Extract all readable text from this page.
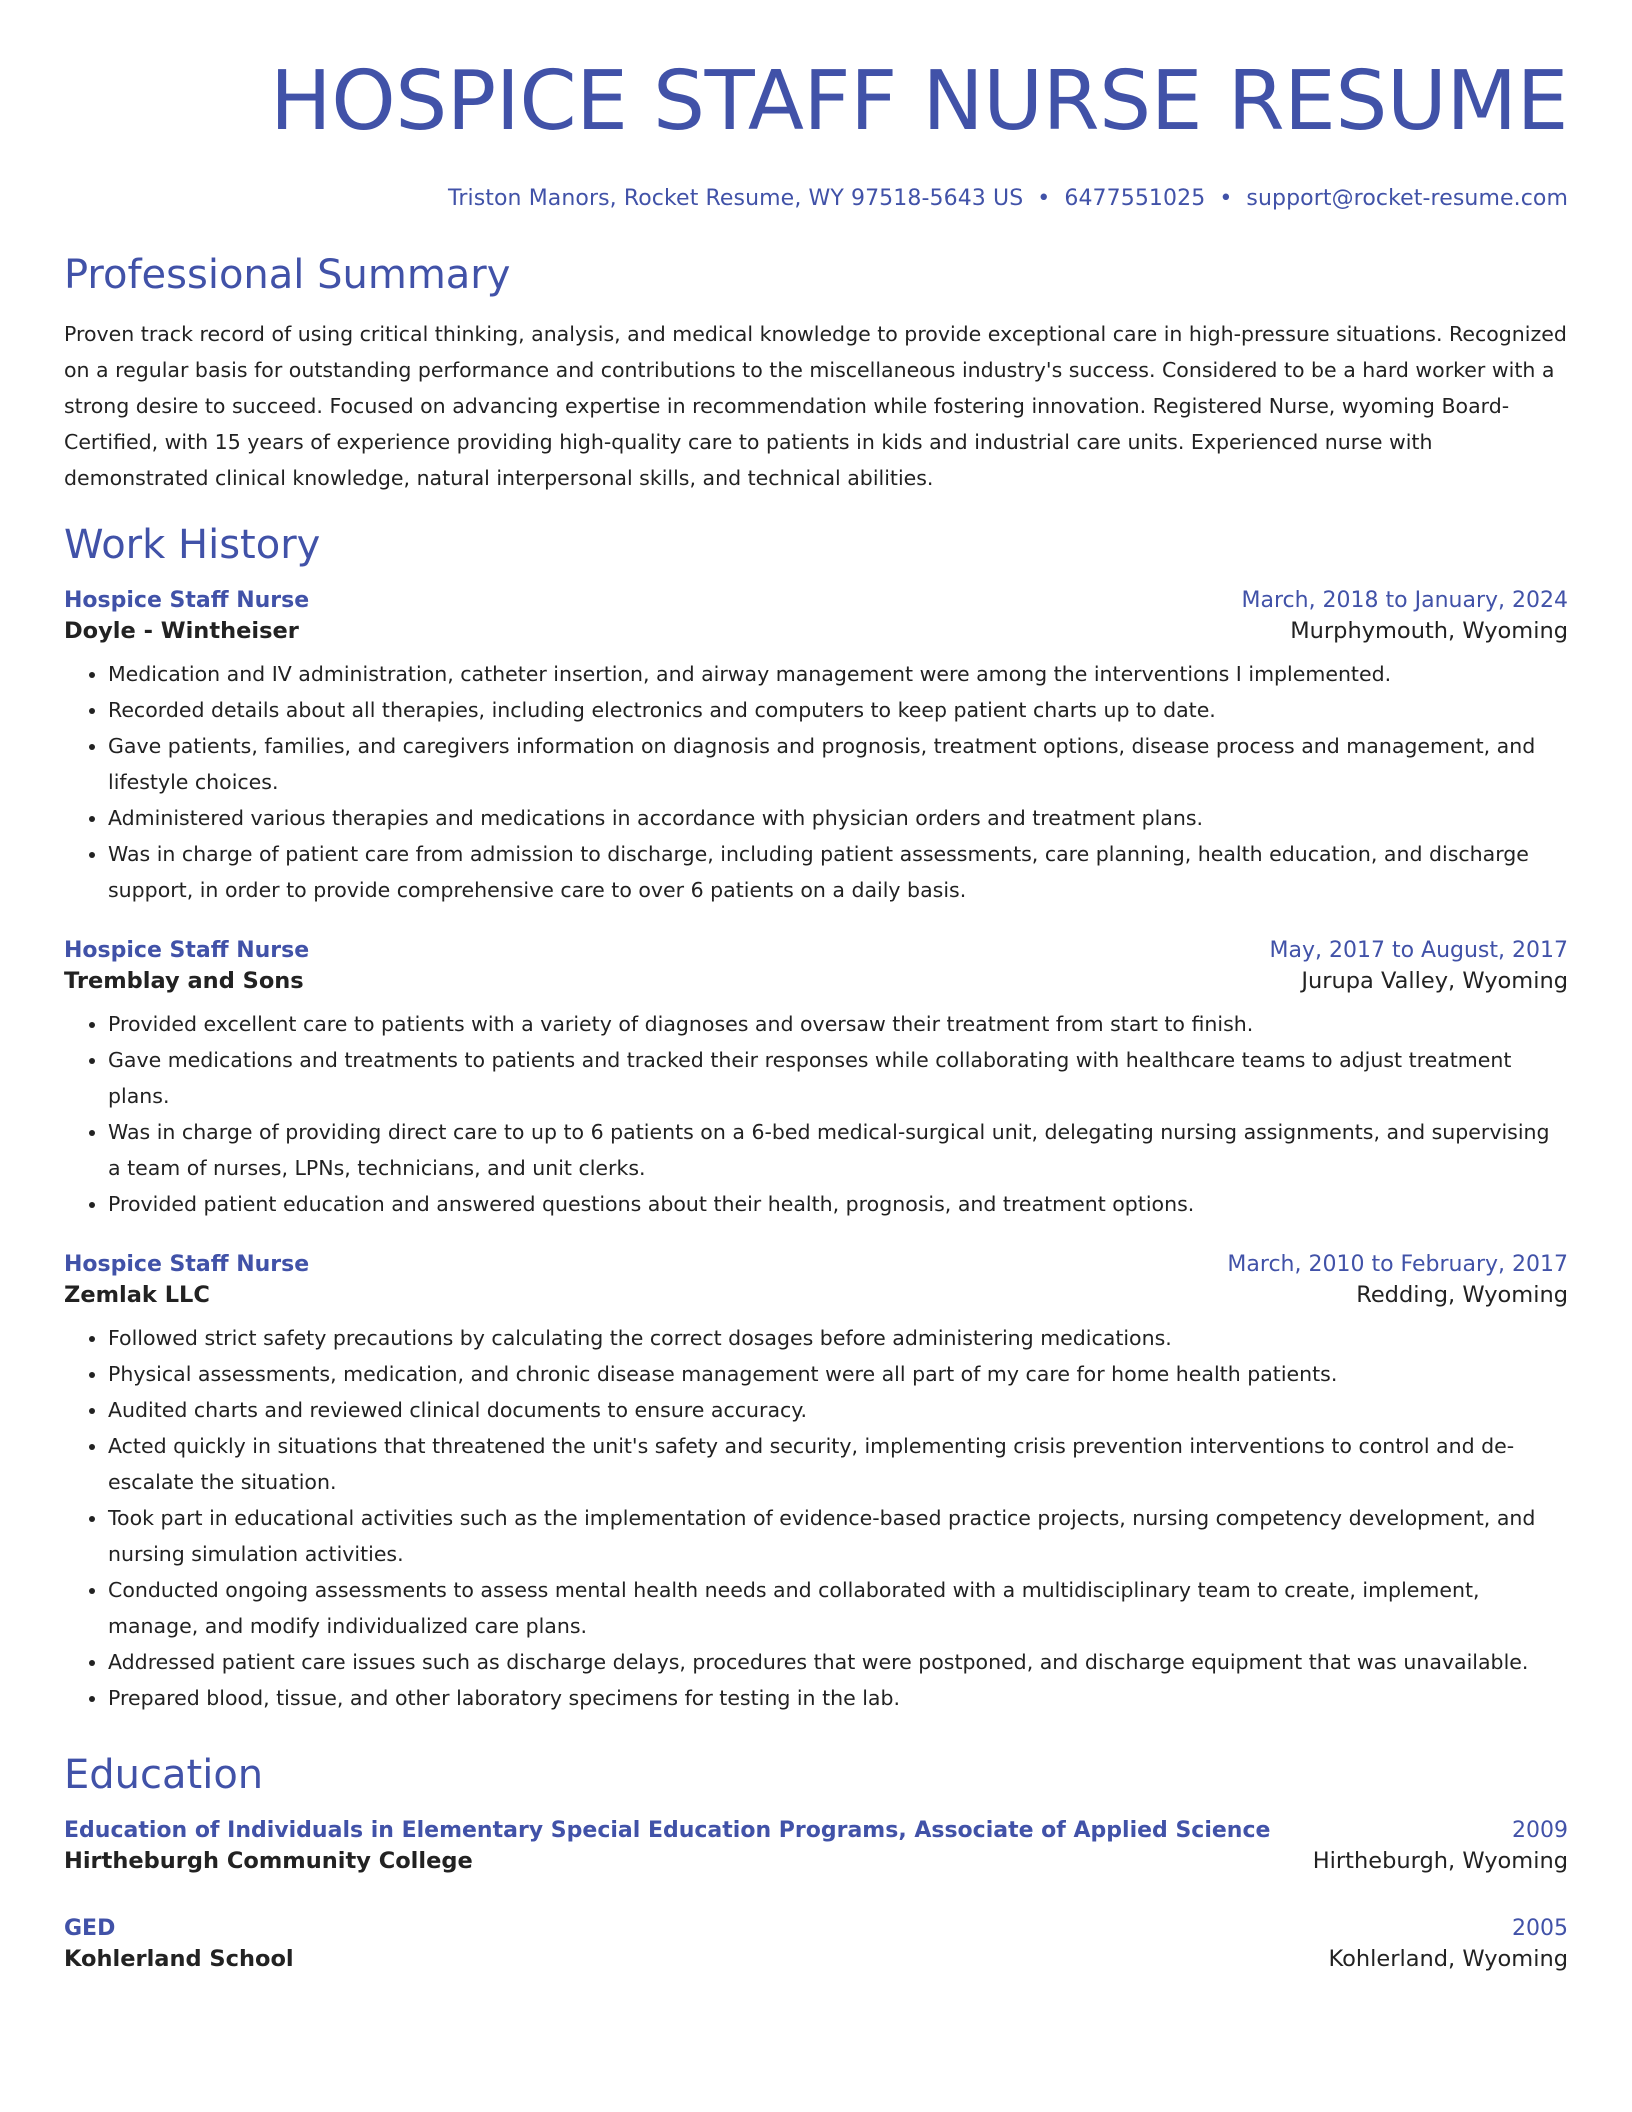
HOSPICE STAFF NURSE RESUME
Triston Manors, Rocket Resume, WY 97518-5643 US • 6477551025 • support@rocket-resume.com
Professional Summary
Proven track record of using critical thinking, analysis, and medical knowledge to provide exceptional care in high-pressure situations. Recognized on a regular basis for outstanding performance and contributions to the miscellaneous industry's success. Considered to be a hard worker with a strong desire to succeed. Focused on advancing expertise in recommendation while fostering innovation. Registered Nurse, wyoming Board-Certified, with 15 years of experience providing high-quality care to patients in kids and industrial care units. Experienced nurse with demonstrated clinical knowledge, natural interpersonal skills, and technical abilities.
Work History
Hospice Staff Nurse	March, 2018 to January, 2024
Doyle - Wintheiser	Murphymouth, Wyoming
• Medication and IV administration, catheter insertion, and airway management were among the interventions I implemented.
• Recorded details about all therapies, including electronics and computers to keep patient charts up to date.
• Gave patients, families, and caregivers information on diagnosis and prognosis, treatment options, disease process and management, and lifestyle choices.
• Administered various therapies and medications in accordance with physician orders and treatment plans.
• Was in charge of patient care from admission to discharge, including patient assessments, care planning, health education, and discharge support, in order to provide comprehensive care to over 6 patients on a daily basis.
Hospice Staff Nurse	May, 2017 to August, 2017
Tremblay and Sons	Jurupa Valley, Wyoming
• Provided excellent care to patients with a variety of diagnoses and oversaw their treatment from start to finish.
• Gave medications and treatments to patients and tracked their responses while collaborating with healthcare teams to adjust treatment plans.
• Was in charge of providing direct care to up to 6 patients on a 6-bed medical-surgical unit, delegating nursing assignments, and supervising a team of nurses, LPNs, technicians, and unit clerks.
• Provided patient education and answered questions about their health, prognosis, and treatment options.
Hospice Staff Nurse	March, 2010 to February, 2017
Zemlak LLC	Redding, Wyoming
• Followed strict safety precautions by calculating the correct dosages before administering medications.
• Physical assessments, medication, and chronic disease management were all part of my care for home health patients.
• Audited charts and reviewed clinical documents to ensure accuracy.
• Acted quickly in situations that threatened the unit's safety and security, implementing crisis prevention interventions to control and de-escalate the situation.
• Took part in educational activities such as the implementation of evidence-based practice projects, nursing competency development, and nursing simulation activities.
• Conducted ongoing assessments to assess mental health needs and collaborated with a multidisciplinary team to create, implement, manage, and modify individualized care plans.
• Addressed patient care issues such as discharge delays, procedures that were postponed, and discharge equipment that was unavailable.
• Prepared blood, tissue, and other laboratory specimens for testing in the lab.
Education
Education of Individuals in Elementary Special Education Programs, Associate of Applied Science	2009
Hirtheburgh Community College	Hirtheburgh, Wyoming
GED	2005
Kohlerland School	Kohlerland, Wyoming
